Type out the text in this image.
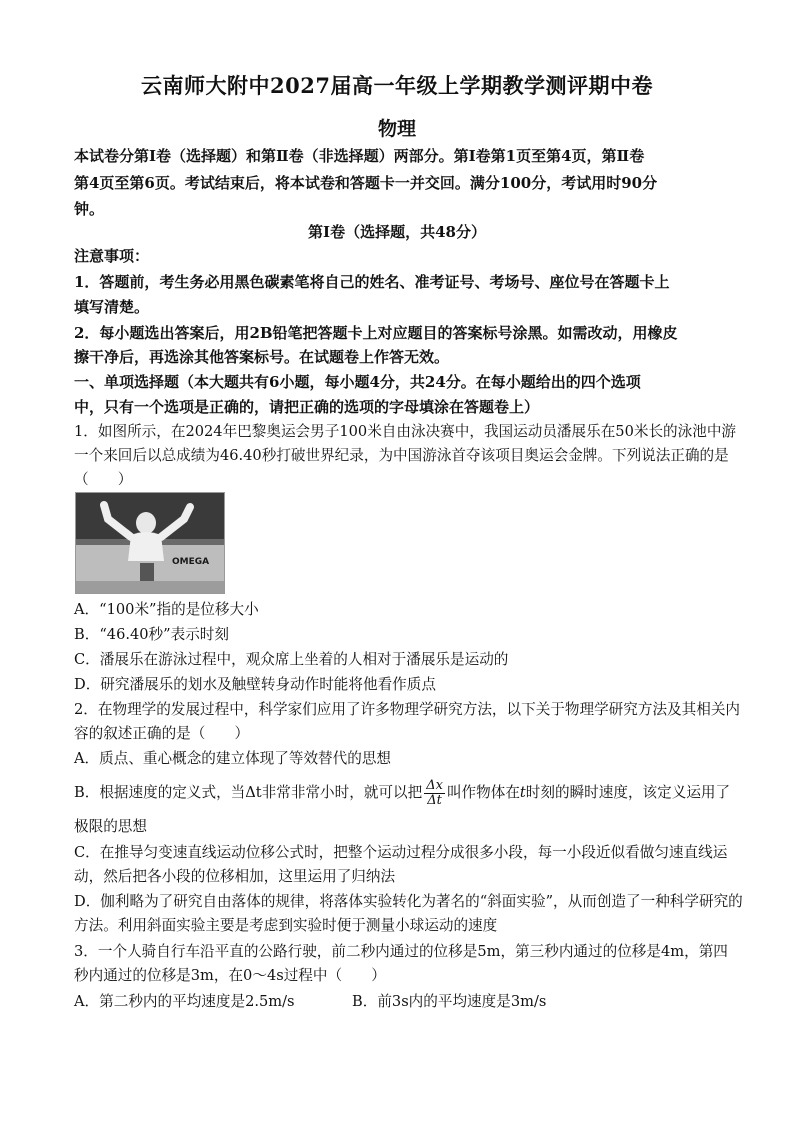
云南师大附中2027届高一年级上学期教学测评期中卷
物理
本试卷分第Ⅰ卷（选择题）和第Ⅱ卷（非选择题）两部分。第Ⅰ卷第1页至第4页，第Ⅱ卷
第4页至第6页。考试结束后，将本试卷和答题卡一并交回。满分100分，考试用时90分
钟。
第Ⅰ卷（选择题，共48分）
注意事项：
1．答题前，考生务必用黑色碳素笔将自己的姓名、准考证号、考场号、座位号在答题卡上
填写清楚。
2．每小题选出答案后，用2B铅笔把答题卡上对应题目的答案标号涂黑。如需改动，用橡皮
擦干净后，再选涂其他答案标号。在试题卷上作答无效。
一、单项选择题（本大题共有6小题，每小题4分，共24分。在每小题给出的四个选项
中，只有一个选项是正确的，请把正确的选项的字母填涂在答题卷上）
1．如图所示，在2024年巴黎奥运会男子100米自由泳决赛中，我国运动员潘展乐在50米长的泳池中游
一个来回后以总成绩为46.40秒打破世界纪录，为中国游泳首夺该项目奥运会金牌。下列说法正确的是
（　　）
OMEGA
A．“100米”指的是位移大小
B．“46.40秒”表示时刻
C．潘展乐在游泳过程中，观众席上坐着的人相对于潘展乐是运动的
D．研究潘展乐的划水及触壁转身动作时能将他看作质点
2．在物理学的发展过程中，科学家们应用了许多物理学研究方法，以下关于物理学研究方法及其相关内
容的叙述正确的是（　　）
A．质点、重心概念的建立体现了等效替代的思想
B．根据速度的定义式，当Δt非常非常小时，就可以把 $\frac{\Delta x}{\Delta t}$ 叫作物体在t时刻的瞬时速度，该定义运用了
极限的思想
C．在推导匀变速直线运动位移公式时，把整个运动过程分成很多小段，每一小段近似看做匀速直线运
动，然后把各小段的位移相加，这里运用了归纳法
D．伽利略为了研究自由落体的规律，将落体实验转化为著名的“斜面实验”，从而创造了一种科学研究的
方法。利用斜面实验主要是考虑到实验时便于测量小球运动的速度
3．一个人骑自行车沿平直的公路行驶，前二秒内通过的位移是5m，第三秒内通过的位移是4m，第四
秒内通过的位移是3m，在0～4s过程中（　　）
A．第二秒内的平均速度是2.5m/s	B．前3s内的平均速度是3m/s
